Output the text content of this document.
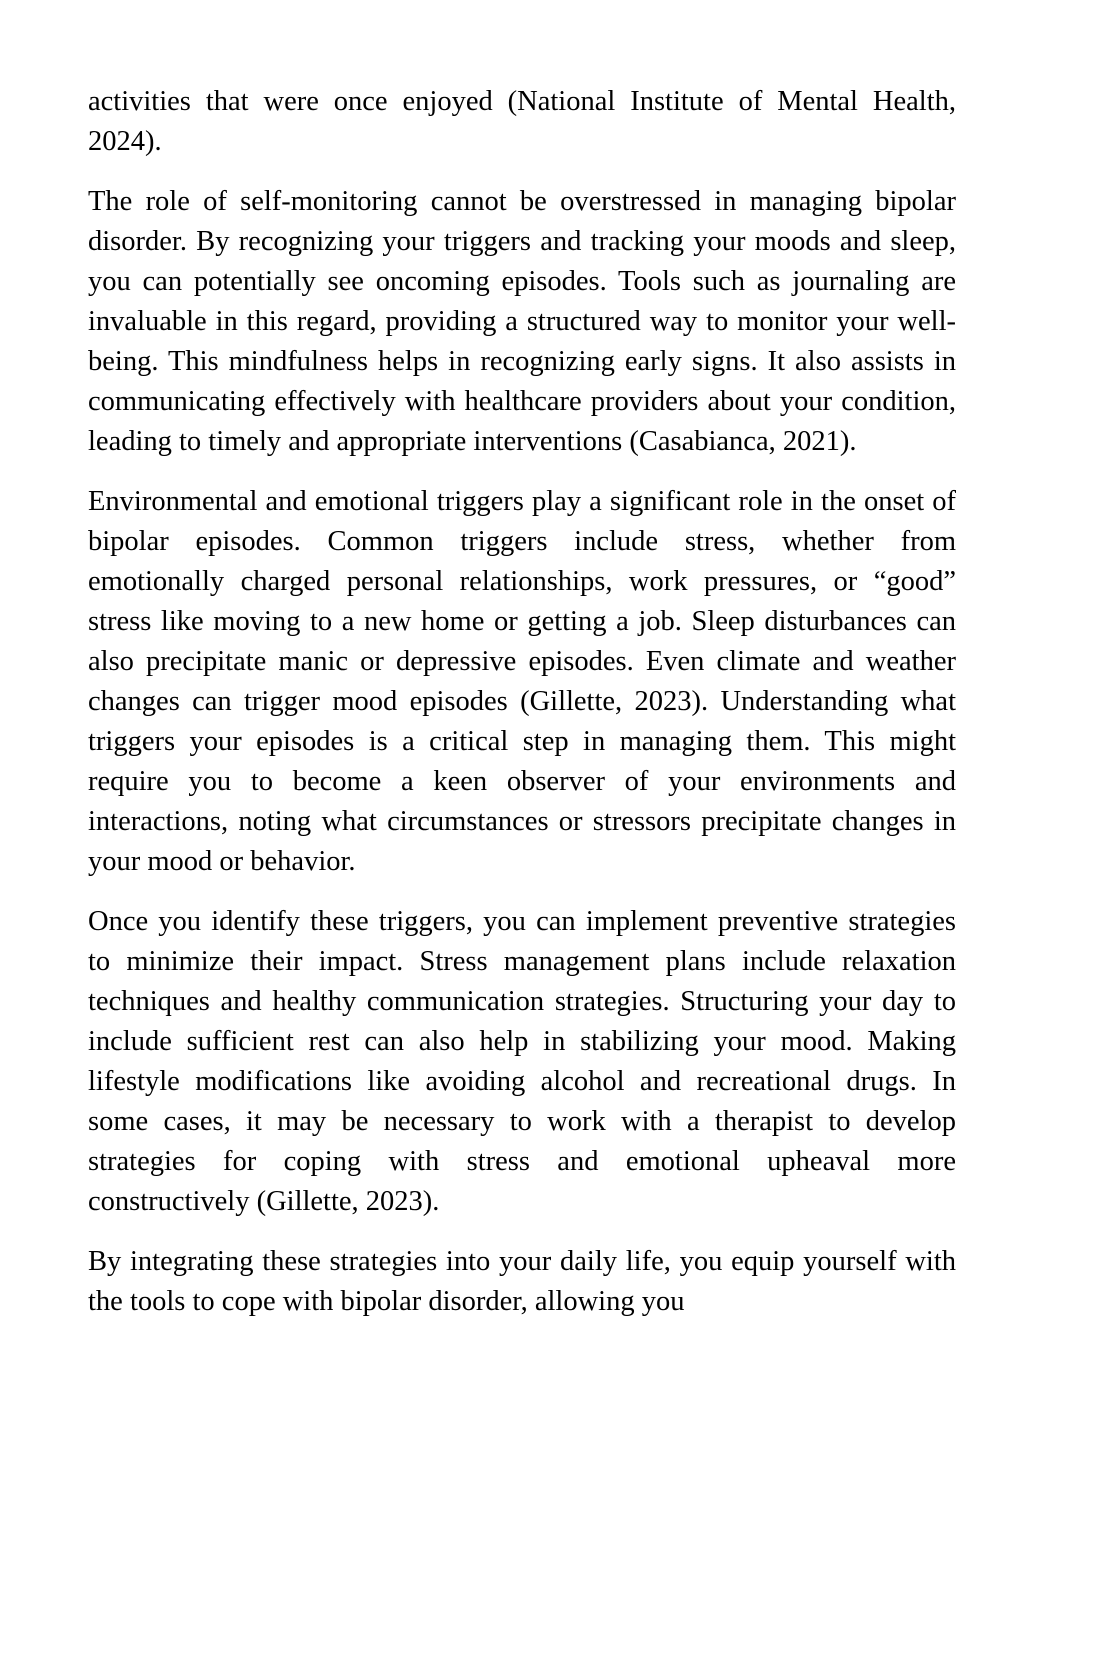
activities that were once enjoyed (National Institute of Mental Health, 2024).

The role of self-monitoring cannot be overstressed in managing bipolar disorder. By recognizing your triggers and tracking your moods and sleep, you can potentially see oncoming episodes. Tools such as journaling are invaluable in this regard, providing a structured way to monitor your well-being. This mindfulness helps in recognizing early signs. It also assists in communicating effectively with healthcare providers about your condition, leading to timely and appropriate interventions (Casabianca, 2021).

Environmental and emotional triggers play a significant role in the onset of bipolar episodes. Common triggers include stress, whether from emotionally charged personal relationships, work pressures, or “good” stress like moving to a new home or getting a job. Sleep disturbances can also precipitate manic or depressive episodes. Even climate and weather changes can trigger mood episodes (Gillette, 2023). Understanding what triggers your episodes is a critical step in managing them. This might require you to become a keen observer of your environments and interactions, noting what circumstances or stressors precipitate changes in your mood or behavior.

Once you identify these triggers, you can implement preventive strategies to minimize their impact. Stress management plans include relaxation techniques and healthy communication strategies. Structuring your day to include sufficient rest can also help in stabilizing your mood. Making lifestyle modifications like avoiding alcohol and recreational drugs. In some cases, it may be necessary to work with a therapist to develop strategies for coping with stress and emotional upheaval more constructively (Gillette, 2023).

By integrating these strategies into your daily life, you equip yourself with the tools to cope with bipolar disorder, allowing you
